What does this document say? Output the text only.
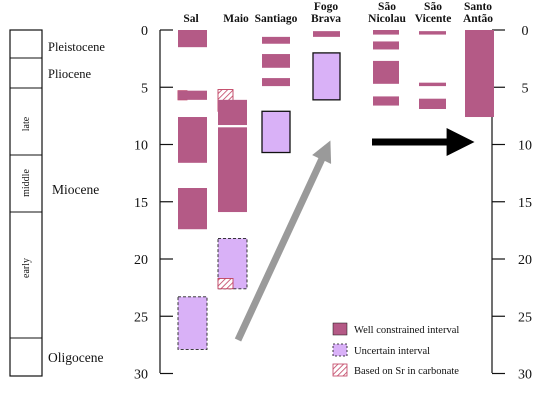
Pleistocene
Pliocene
Miocene
Oligocene
late
middle
early
0
5
10
15
20
25
30
0
5
10
15
20
25
30
Sal Maio Santiago
Fogo Brava
São Nicolau
São Vicente
Santo Antão
Well constrained interval
Uncertain interval
Based on Sr in carbonate
